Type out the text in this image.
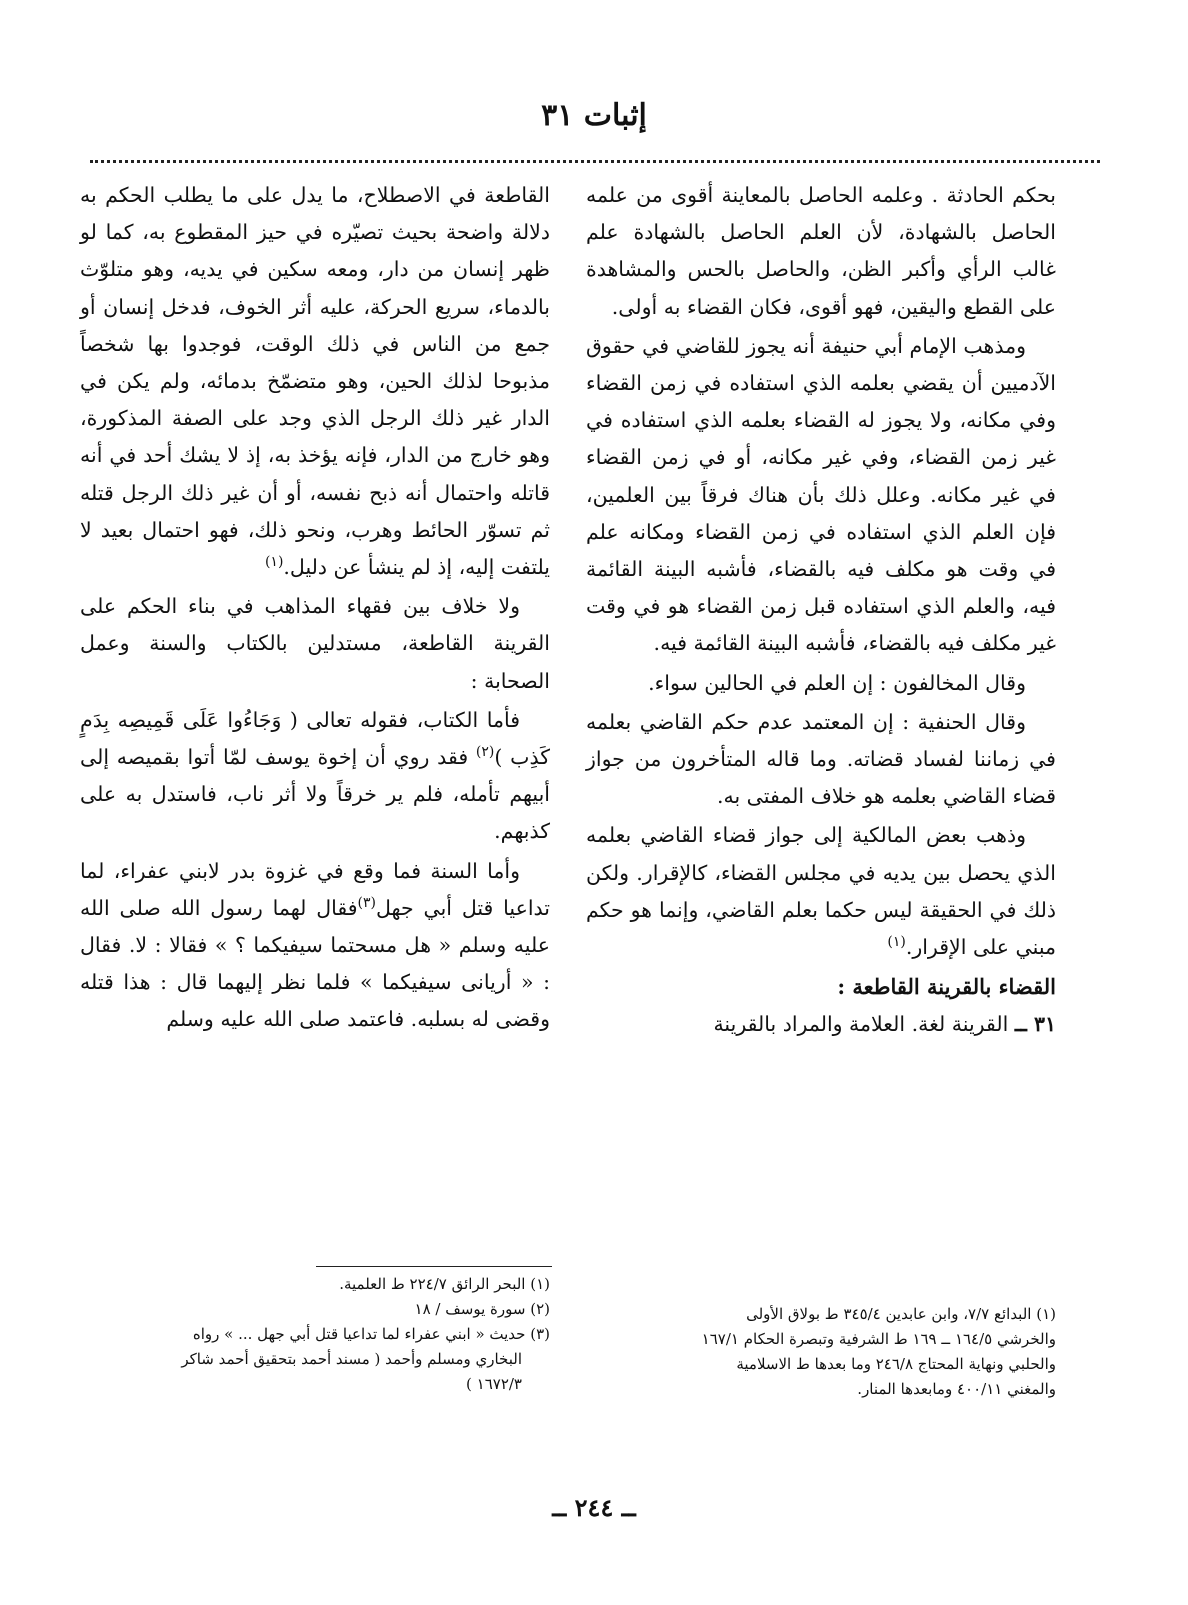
إثبات ٣١

بحكم الحادثة . وعلمه الحاصل بالمعاينة أقوى من علمه الحاصل بالشهادة، لأن العلم الحاصل بالشهادة علم غالب الرأي وأكبر الظن، والحاصل بالحس والمشاهدة على القطع واليقين، فهو أقوى، فكان القضاء به أولى.

ومذهب الإمام أبي حنيفة أنه يجوز للقاضي في حقوق الآدميين أن يقضي بعلمه الذي استفاده في زمن القضاء وفي مكانه، ولا يجوز له القضاء بعلمه الذي استفاده في غير زمن القضاء، وفي غير مكانه، أو في زمن القضاء في غير مكانه. وعلل ذلك بأن هناك فرقاً بين العلمين، فإن العلم الذي استفاده في زمن القضاء ومكانه علم في وقت هو مكلف فيه بالقضاء، فأشبه البينة القائمة فيه، والعلم الذي استفاده قبل زمن القضاء هو في وقت غير مكلف فيه بالقضاء، فأشبه البينة القائمة فيه.

وقال المخالفون : إن العلم في الحالين سواء.

وقال الحنفية : إن المعتمد عدم حكم القاضي بعلمه في زماننا لفساد قضاته. وما قاله المتأخرون من جواز قضاء القاضي بعلمه هو خلاف المفتى به.

وذهب بعض المالكية إلى جواز قضاء القاضي بعلمه الذي يحصل بين يديه في مجلس القضاء، كالإقرار. ولكن ذلك في الحقيقة ليس حكما بعلم القاضي، وإنما هو حكم مبني على الإقرار.$^{(١)}$

القضاء بالقرينة القاطعة :

٣١ ــ القرينة لغة. العلامة والمراد بالقرينة

القاطعة في الاصطلاح، ما يدل على ما يطلب الحكم به دلالة واضحة بحيث تصيّره في حيز المقطوع به، كما لو ظهر إنسان من دار، ومعه سكين في يديه، وهو متلوّث بالدماء، سريع الحركة، عليه أثر الخوف، فدخل إنسان أو جمع من الناس في ذلك الوقت، فوجدوا بها شخصاً مذبوحا لذلك الحين، وهو متضمّخ بدمائه، ولم يكن في الدار غير ذلك الرجل الذي وجد على الصفة المذكورة، وهو خارج من الدار، فإنه يؤخذ به، إذ لا يشك أحد في أنه قاتله واحتمال أنه ذبح نفسه، أو أن غير ذلك الرجل قتله ثم تسوّر الحائط وهرب، ونحو ذلك، فهو احتمال بعيد لا يلتفت إليه، إذ لم ينشأ عن دليل.$^{(١)}$

ولا خلاف بين فقهاء المذاهب في بناء الحكم على القرينة القاطعة، مستدلين بالكتاب والسنة وعمل الصحابة :

فأما الكتاب، فقوله تعالى ( وَجَاءُوا عَلَى قَمِيصِه بِدَمٍ كَذِب )$^{(٢)}$ فقد روي أن إخوة يوسف لمّا أتوا بقميصه إلى أبيهم تأمله، فلم ير خرقاً ولا أثر ناب، فاستدل به على كذبهم.

وأما السنة فما وقع في غزوة بدر لابني عفراء، لما تداعيا قتل أبي جهل$^{(٣)}$فقال لهما رسول الله صلى الله عليه وسلم « هل مسحتما سيفيكما ؟ » فقالا : لا. فقال : « أريانى سيفيكما » فلما نظر إليهما قال : هذا قتله وقضى له بسلبه. فاعتمد صلى الله عليه وسلم

(١) البدائع ٧/٧، وابن عابدين ٣٤٥/٤ ط بولاق الأولى

والخرشي ١٦٤/٥ ــ ١٦٩ ط الشرفية وتبصرة الحكام ١٦٧/١

والحلبي ونهاية المحتاج ٢٤٦/٨ وما بعدها ط الاسلامية

والمغني ٤٠٠/١١ ومابعدها المنار.

(١) البحر الرائق ٢٢٤/٧ ط العلمية.

(٢) سورة يوسف / ١٨

(٣) حديث « ابني عفراء لما تداعيا قتل أبي جهل ... » رواه

البخاري ومسلم وأحمد ( مسند أحمد بتحقيق أحمد شاكر

١٦٧٢/٣ )

ــ ٢٤٤ ــ
